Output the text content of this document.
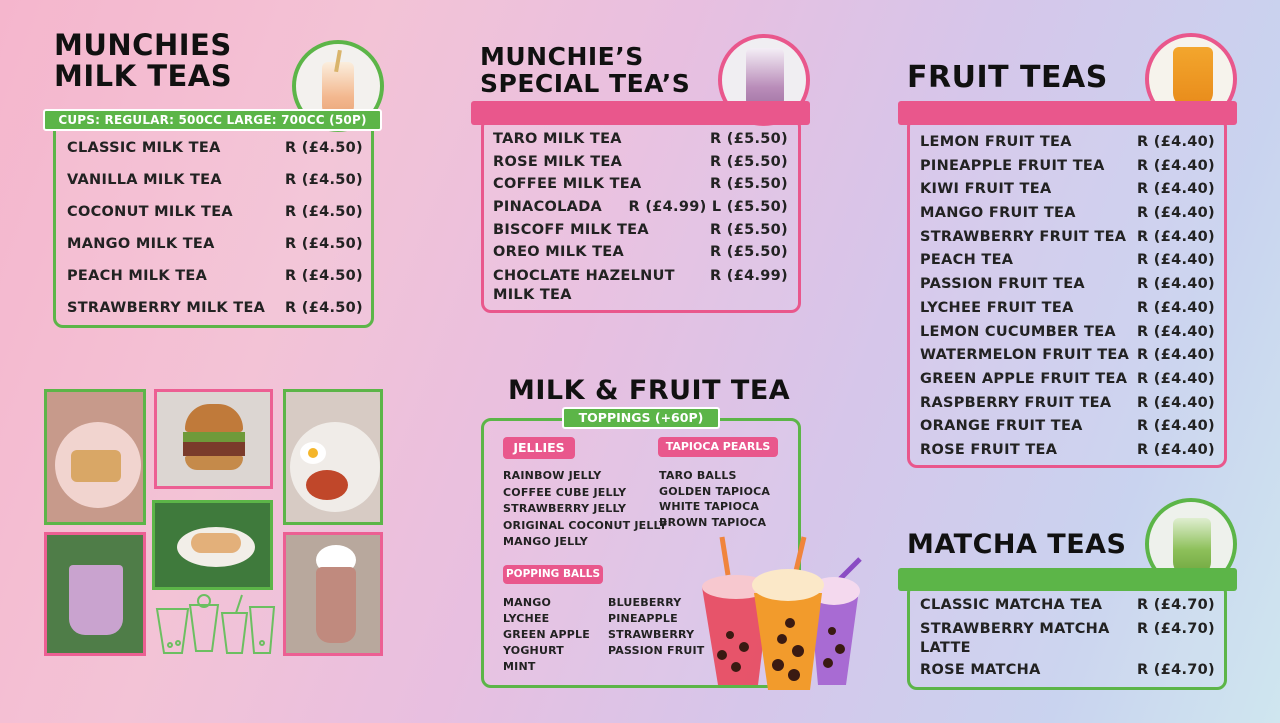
MUNCHIES
MILK TEAS
CUPS: REGULAR: 500CC LARGE: 700CC (50P)
CLASSIC MILK TEA	R (£4.50)
VANILLA MILK TEA	R (£4.50)
COCONUT MILK TEA	R (£4.50)
MANGO MILK TEA	R (£4.50)
PEACH MILK TEA	R (£4.50)
STRAWBERRY MILK TEA R (£4.50)
MUNCHIE’S
SPECIAL TEA’S
TARO MILK TEA	R (£5.50)
ROSE MILK TEA	R (£5.50)
COFFEE MILK TEA	R (£5.50)
PINACOLADA R (£4.99) L (£5.50)
BISCOFF MILK TEA	R (£5.50)
OREO MILK TEA	R (£5.50)
CHOCLATE HAZELNUT
MILK TEA
R (£4.99)
MILK & FRUIT TEA
TOPPINGS (+60P)
JELLIES
RAINBOW JELLY
COFFEE CUBE JELLY
STRAWBERRY JELLY
ORIGINAL COCONUT JELLY
MANGO JELLY
TAPIOCA PEARLS
TARO BALLS
GOLDEN TAPIOCA
WHITE TAPIOCA
BROWN TAPIOCA
POPPING BALLS
MANGO
LYCHEE
GREEN APPLE
YOGHURT
MINT
BLUEBERRY
PINEAPPLE
STRAWBERRY
PASSION FRUIT
FRUIT TEAS
LEMON FRUIT TEA	R (£4.40)
PINEAPPLE FRUIT TEA R (£4.40)
KIWI FRUIT TEA	R (£4.40)
MANGO FRUIT TEA	R (£4.40)
STRAWBERRY FRUIT TEA R (£4.40)
PEACH TEA	R (£4.40)
PASSION FRUIT TEA	R (£4.40)
LYCHEE FRUIT TEA	R (£4.40)
LEMON CUCUMBER TEA R (£4.40)
WATERMELON FRUIT TEA R (£4.40)
GREEN APPLE FRUIT TEA R (£4.40)
RASPBERRY FRUIT TEA R (£4.40)
ORANGE FRUIT TEA	R (£4.40)
ROSE FRUIT TEA	R (£4.40)
MATCHA TEAS
CLASSIC MATCHA TEA R (£4.70)
STRAWBERRY MATCHA
LATTE
R (£4.70)
ROSE MATCHA	R (£4.70)
